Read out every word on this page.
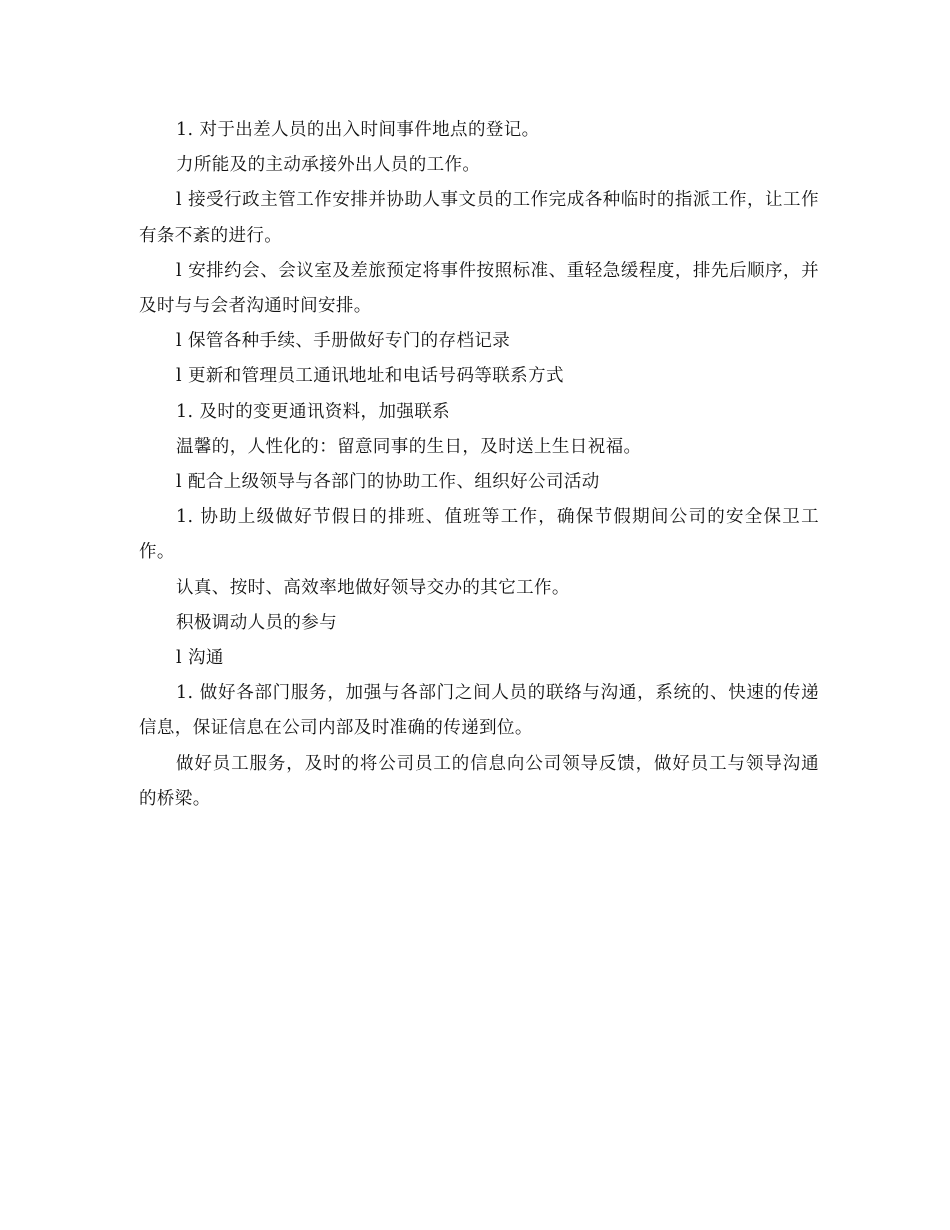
1. 对于出差人员的出入时间事件地点的登记。

力所能及的主动承接外出人员的工作。

l 接受行政主管工作安排并协助人事文员的工作完成各种临时的指派工作，让工作有条不紊的进行。

l 安排约会、会议室及差旅预定将事件按照标准、重轻急缓程度，排先后顺序，并及时与与会者沟通时间安排。

l 保管各种手续、手册做好专门的存档记录

l 更新和管理员工通讯地址和电话号码等联系方式

1. 及时的变更通讯资料，加强联系

温馨的，人性化的：留意同事的生日，及时送上生日祝福。

l 配合上级领导与各部门的协助工作、组织好公司活动

1. 协助上级做好节假日的排班、值班等工作，确保节假期间公司的安全保卫工作。

认真、按时、高效率地做好领导交办的其它工作。

积极调动人员的参与

l 沟通

1. 做好各部门服务，加强与各部门之间人员的联络与沟通，系统的、快速的传递信息，保证信息在公司内部及时准确的传递到位。

做好员工服务，及时的将公司员工的信息向公司领导反馈，做好员工与领导沟通的桥梁。
